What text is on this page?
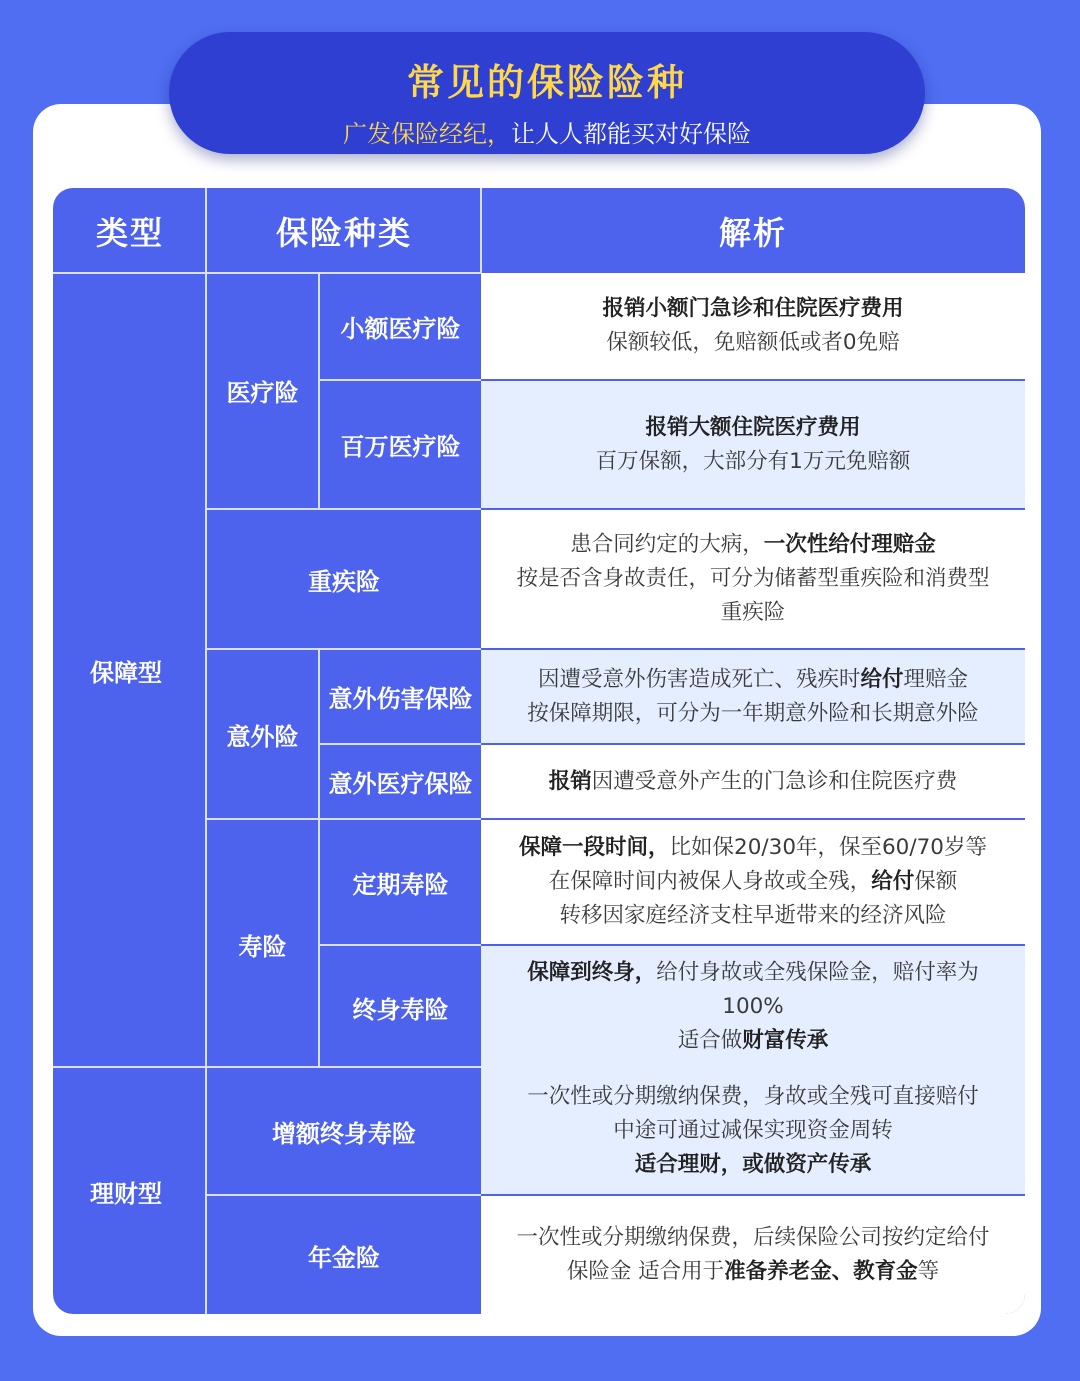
常见的保险险种
广发保险经纪，让人人都能买对好保险
类型	保险种类	解析
保障型
理财型
医疗险
重疾险
意外险
寿险
增额终身寿险
年金险
小额医疗险
百万医疗险
意外伤害保险
意外医疗保险
定期寿险
终身寿险
报销小额门急诊和住院医疗费用
保额较低，免赔额低或者0免赔
报销大额住院医疗费用
百万保额，大部分有1万元免赔额
患合同约定的大病，一次性给付理赔金
按是否含身故责任，可分为储蓄型重疾险和消费型
重疾险
因遭受意外伤害造成死亡、残疾时给付理赔金
按保障期限，可分为一年期意外险和长期意外险
报销因遭受意外产生的门急诊和住院医疗费
保障一段时间，比如保20/30年，保至60/70岁等
在保障时间内被保人身故或全残，给付保额
转移因家庭经济支柱早逝带来的经济风险
保障到终身，给付身故或全残保险金，赔付率为
100%
适合做财富传承
一次性或分期缴纳保费，身故或全残可直接赔付
中途可通过减保实现资金周转
适合理财，或做资产传承
一次性或分期缴纳保费，后续保险公司按约定给付
保险金 适合用于准备养老金、教育金等
